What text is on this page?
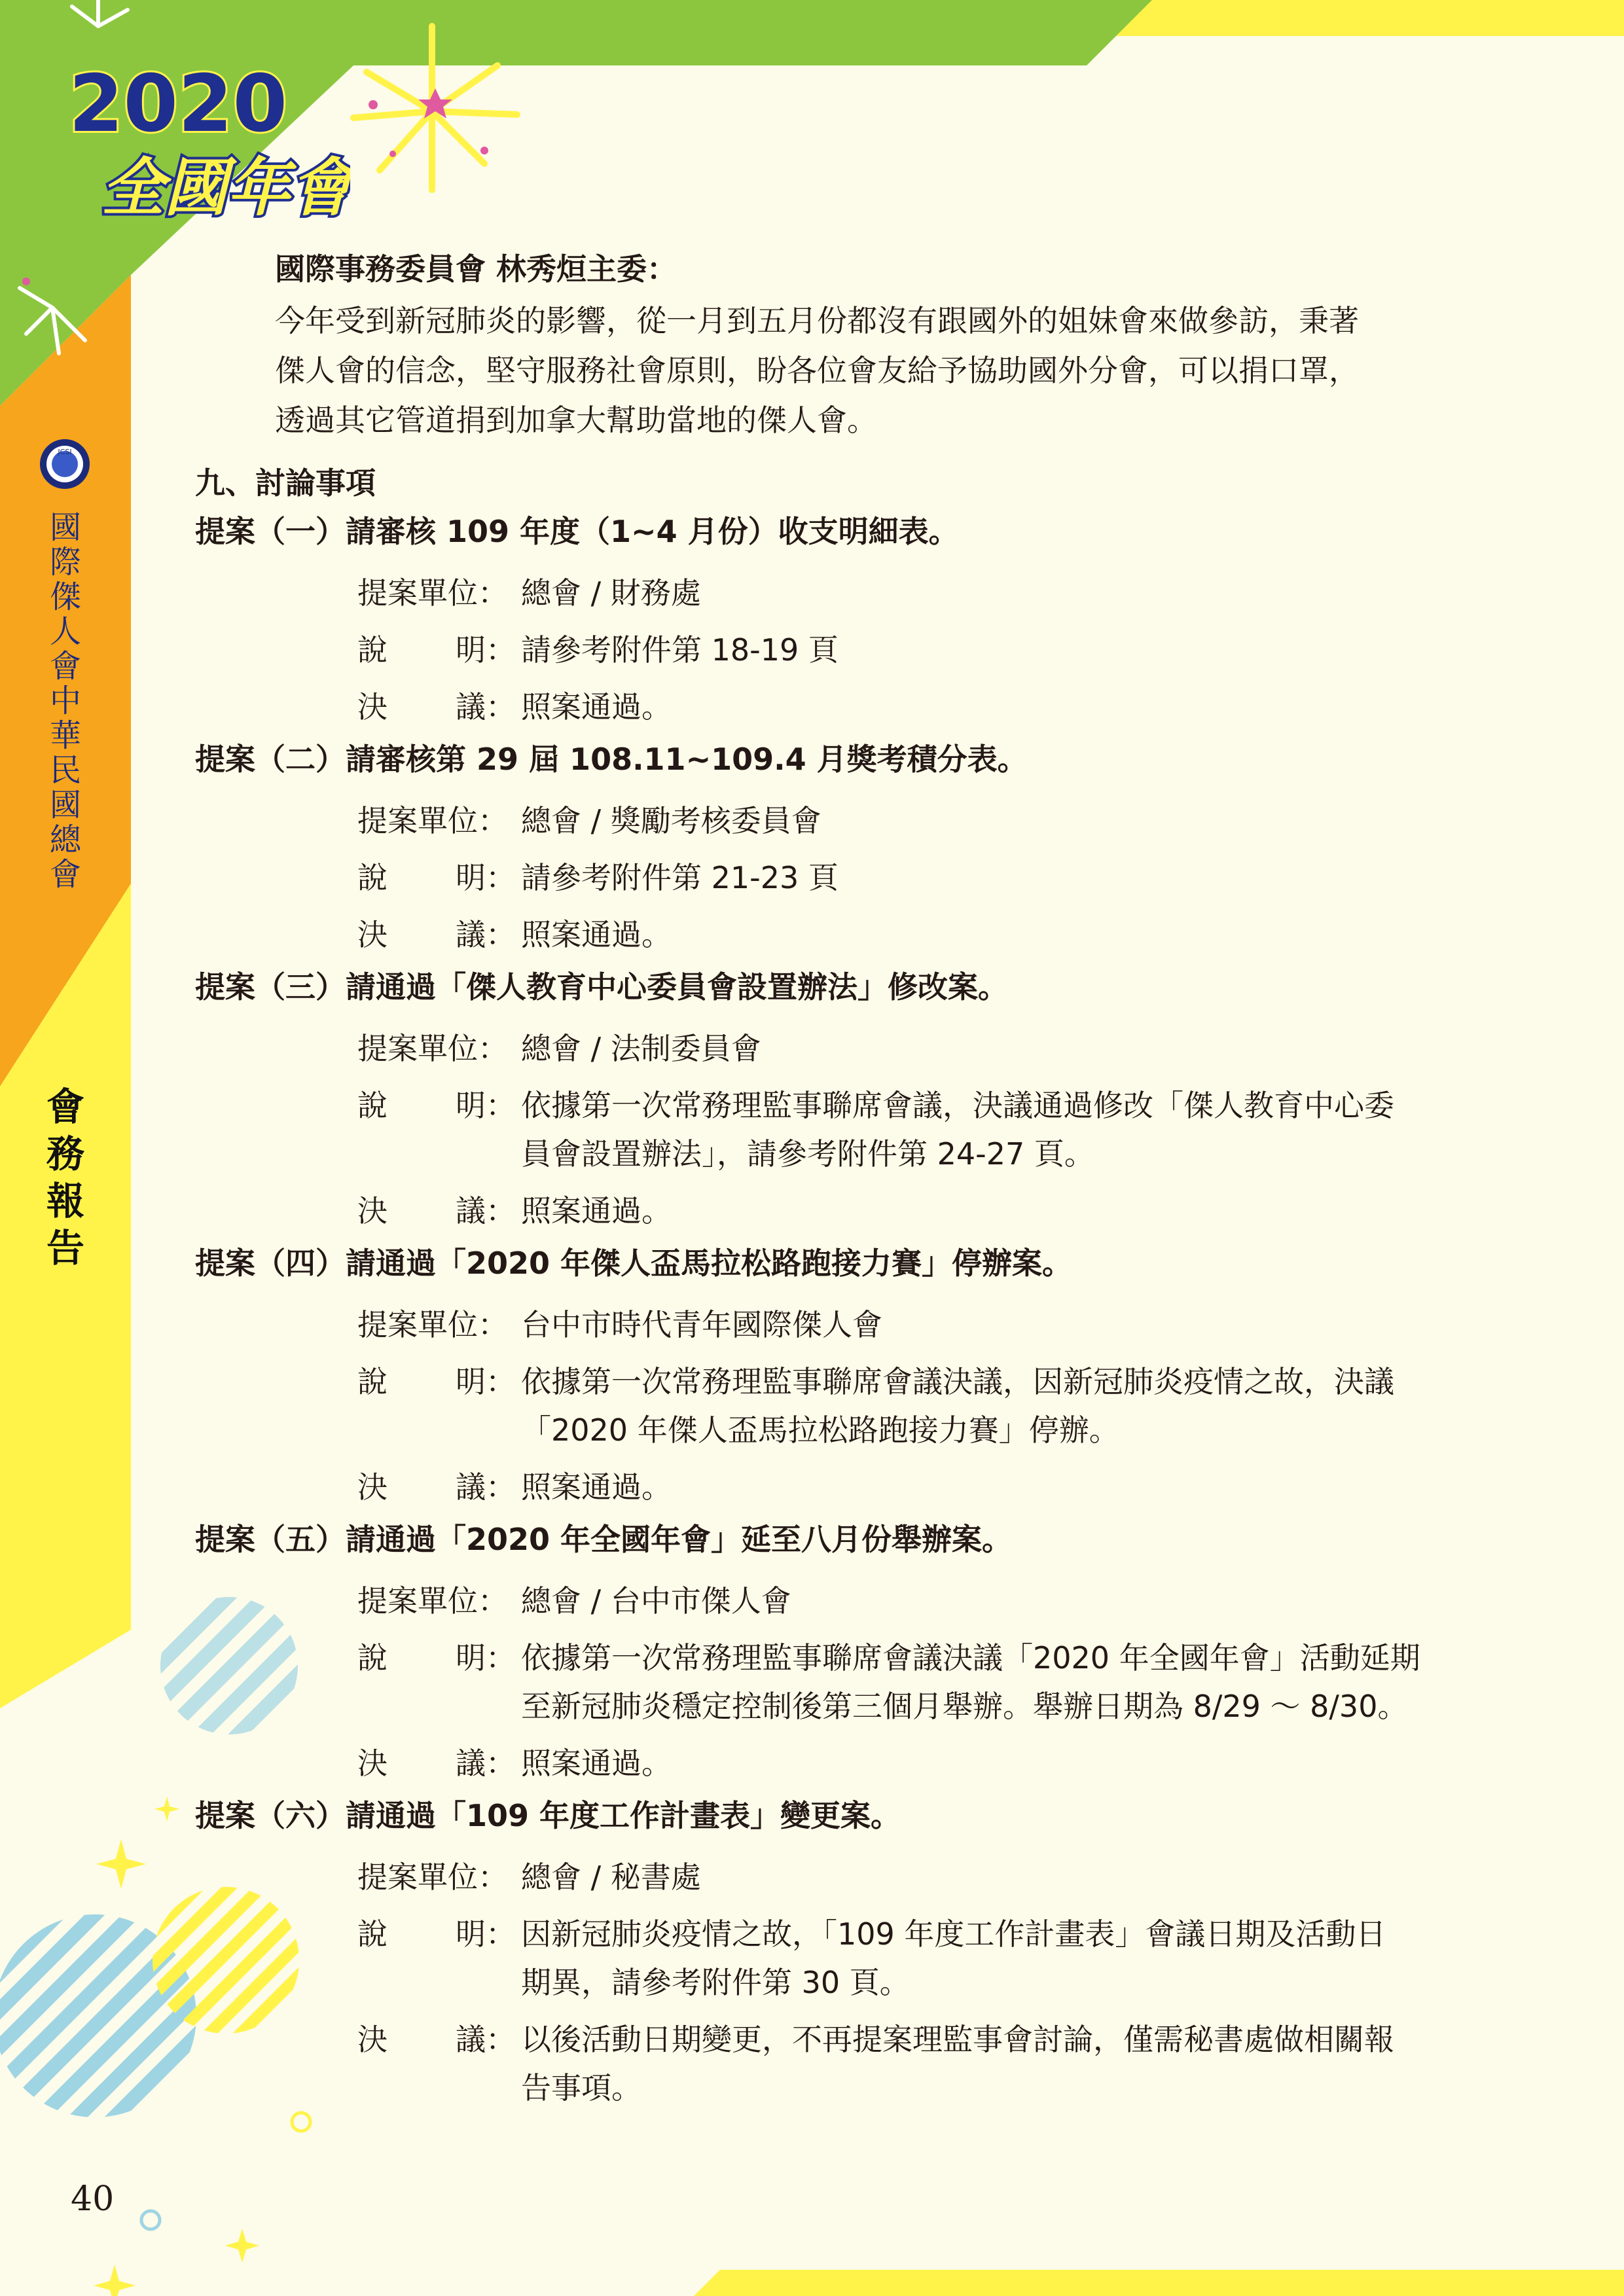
2020
全國年會
JCSI
國際傑人會中華民國總會
會務報告
國際事務委員會 林秀烜主委：

今年受到新冠肺炎的影響，從一月到五月份都沒有跟國外的姐妹會來做參訪，秉著

傑人會的信念，堅守服務社會原則，盼各位會友給予協助國外分會，可以捐口罩，

透過其它管道捐到加拿大幫助當地的傑人會。

九、討論事項
提案（一）請審核 109 年度（1~4 月份）收支明細表。
提案單位： 總會 / 財務處

說 明： 請參考附件第 18-19 頁

決 議： 照案通過。

提案（二）請審核第 29 屆 108.11~109.4 月獎考積分表。
提案單位： 總會 / 獎勵考核委員會

說 明： 請參考附件第 21-23 頁

決 議： 照案通過。

提案（三）請通過「傑人教育中心委員會設置辦法」修改案。
提案單位： 總會 / 法制委員會

說 明： 依據第一次常務理監事聯席會議，決議通過修改「傑人教育中心委

員會設置辦法」，請參考附件第 24-27 頁。

決 議： 照案通過。

提案（四）請通過「2020 年傑人盃馬拉松路跑接力賽」停辦案。
提案單位： 台中市時代青年國際傑人會

說 明： 依據第一次常務理監事聯席會議決議，因新冠肺炎疫情之故，決議

「2020 年傑人盃馬拉松路跑接力賽」停辦。

決 議： 照案通過。

提案（五）請通過「2020 年全國年會」延至八月份舉辦案。
提案單位： 總會 / 台中市傑人會

說 明： 依據第一次常務理監事聯席會議決議「2020 年全國年會」活動延期

至新冠肺炎穩定控制後第三個月舉辦。舉辦日期為 8/29 ～ 8/30。

決 議： 照案通過。

提案（六）請通過「109 年度工作計畫表」變更案。
提案單位： 總會 / 秘書處

說 明： 因新冠肺炎疫情之故，「109 年度工作計畫表」會議日期及活動日

期異，請參考附件第 30 頁。

決 議： 以後活動日期變更，不再提案理監事會討論，僅需秘書處做相關報

告事項。

40
